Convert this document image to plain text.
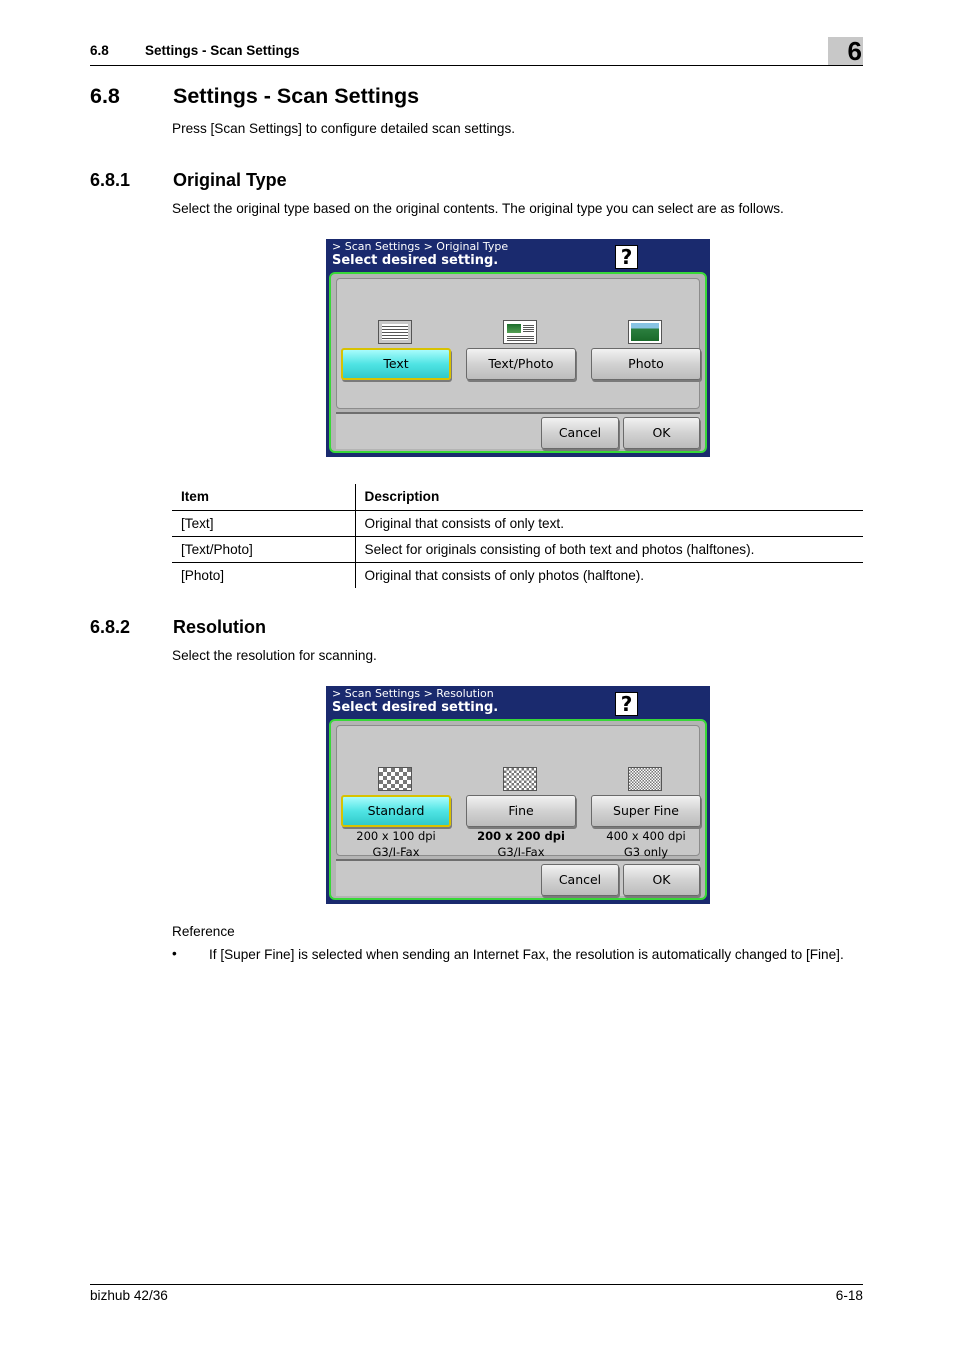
6.8	Settings - Scan Settings	6
6.8 Settings - Scan Settings
Press [Scan Settings] to configure detailed scan settings.
6.8.1 Original Type
Select the original type based on the original contents. The original type you can select are as follows.
> Scan Settings > Original Type
Select desired setting.	?
Text	Text/Photo	Photo
Cancel	OK
Item	Description
[Text]	Original that consists of only text.
[Text/Photo]	Select for originals consisting of both text and photos (halftones).
[Photo]	Original that consists of only photos (halftone).
6.8.2 Resolution
Select the resolution for scanning.
> Scan Settings > Resolution
Select desired setting.	?
Standard	Fine	Super Fine
200 x 100 dpi
G3/I-Fax
200 x 200 dpi
G3/I-Fax
400 x 400 dpi
G3 only
Cancel	OK
Reference
• If [Super Fine] is selected when sending an Internet Fax, the resolution is automatically changed to [Fine].
bizhub 42/36	6-18
